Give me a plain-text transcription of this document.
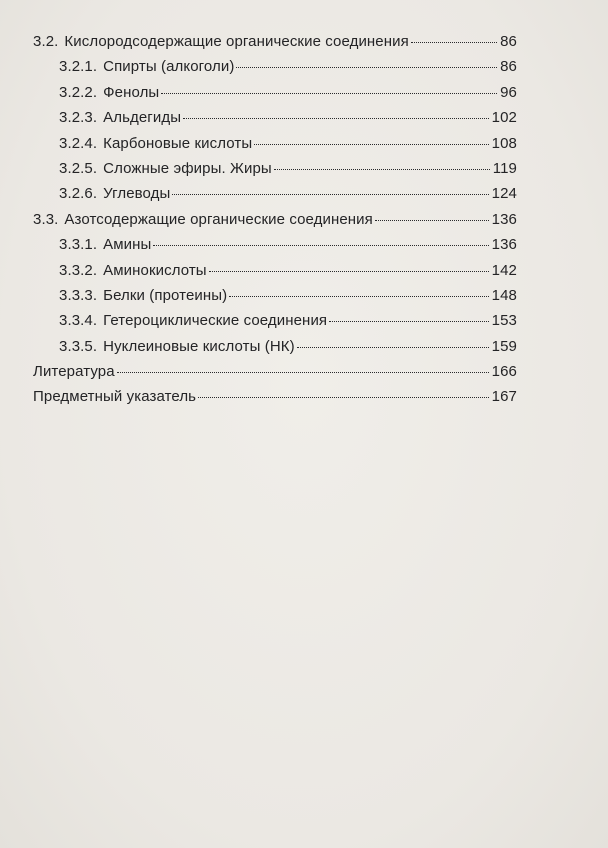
3.2. Кислородсодержащие органические соединения	86
3.2.1. Спирты (алкоголи)	86
3.2.2. Фенолы	96
3.2.3. Альдегиды	102
3.2.4. Карбоновые кислоты	108
3.2.5. Сложные эфиры. Жиры	119
3.2.6. Углеводы	124
3.3. Азотсодержащие органические соединения	136
3.3.1. Амины	136
3.3.2. Аминокислоты	142
3.3.3. Белки (протеины)	148
3.3.4. Гетероциклические соединения	153
3.3.5. Нуклеиновые кислоты (НК)	159
Литература	166
Предметный указатель	167
